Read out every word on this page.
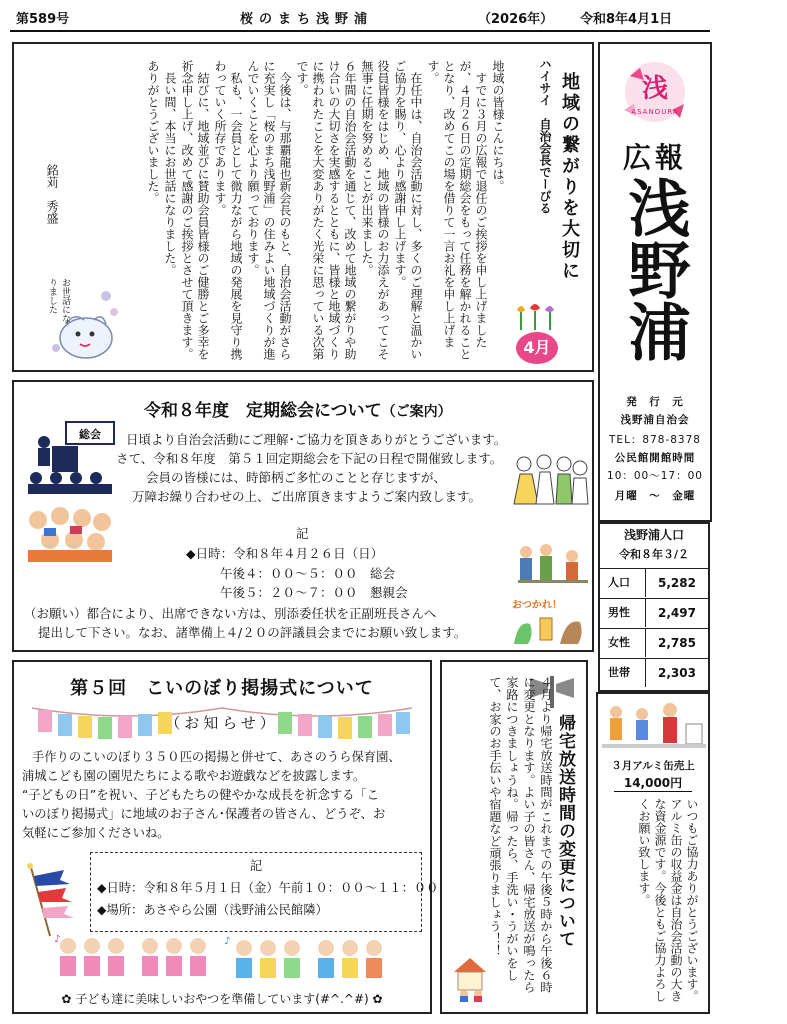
第589号	桜のまち浅野浦	（2026年） 令和8年4月1日
ハイサイ　自治会長でーびる 地域の繋がりを大切に
4月

地域の皆様こんにちは。

すでに３月の広報で退任のご挨拶を申し上げましたが、４月２６日の定期総会をもって任務を解かれることとなり、改めてこの場を借りて一言お礼を申し上げます。

在任中は、自治会活動に対し、多くのご理解と温かいご協力を賜り、心より感謝申し上げます。

役員皆様をはじめ、地域の皆様のお力添えがあってこそ無事に任期を努めることが出来ました。

６年間の自治会活動を通じて、改めて地域の繋がりや助け合いの大切さを実感するとともに、皆様と地域づくりに携われたことを大変ありがたく光栄に思っている次第です。

今後は、与那覇龍也新会長のもと、自治会活動がさらに充実し「桜のまち浅野浦」の住みよい地域づくりが進んでいくことを心より願っております。

私も、一会員として微力ながら地域の発展を見守り携わっていく所存であります。

結びに、地域並びに賛助会員皆様のご健勝とご多幸を祈念申し上げ、改めて感謝のご挨拶とさせて頂きます。

長い間、本当にお世話になりました。

ありがとうございました。

銘苅　秀盛
お世話になりました
浅
ASANOURA
広報
浅野浦
発　行　元
浅野浦自治会
TEL：878-8378
公民館開館時間
10：00～17：00
月曜　～　金曜
浅野浦人口
令和８年３/２
人口	5,282
男性	2,497
女性	2,785
世帯	2,303
令和８年度　定期総会について（ご案内）
総会
おつかれ！
日頃より自治会活動にご理解･ご協力を頂きありがとうございます。
さて、令和８年度　第５１回定期総会を下記の日程で開催致します。
会員の皆様には、時節柄ご多忙のことと存じますが、
万障お繰り合わせの上、ご出席頂きますようご案内致します。
記
◆日時：令和８年４月２６日（日）
午後４：００～５：００　総会
午後５：２０～７：００　懇親会
（お願い）都合により、出席できない方は、別添委任状を正副班長さんへ
提出して下さい。なお、諸準備上４/２０の評議員会までにお願い致します。
第５回　こいのぼり掲揚式について
（お知らせ）
手作りのこいのぼり３５０匹の掲揚と併せて、あさのうら保育園、
浦城こども園の園児たちによる歌やお遊戯などを披露します。
“子どもの日”を祝い、子どもたちの健やかな成長を祈念する「こ
いのぼり掲揚式」に地域のお子さん･保護者の皆さん、どうぞ、お
気軽にご参加くださいね。
記
◆日時：令和８年５月１日（金）午前１０：００～１１：００
◆場所：あさやら公園（浅野浦公民館隣）
♪	♪
✿ 子ども達に美味しいおやつを準備しています(#^.^#) ✿
帰宅放送時間の変更について
４月より帰宅放送時間がこれまでの午後５時から午後６時に変更となります。よい子の皆さん、帰宅放送が鳴ったら家路につきましょうね。帰ったら、手洗い･うがいをして、お家のお手伝いや宿題など頑張りましょう！！	３月アルミ缶売上
14,000円
いつもご協力ありがとうございます。アルミ缶の収益金は自治会活動の大きな資金源です。今後ともご協力よろしくお願い致します。
